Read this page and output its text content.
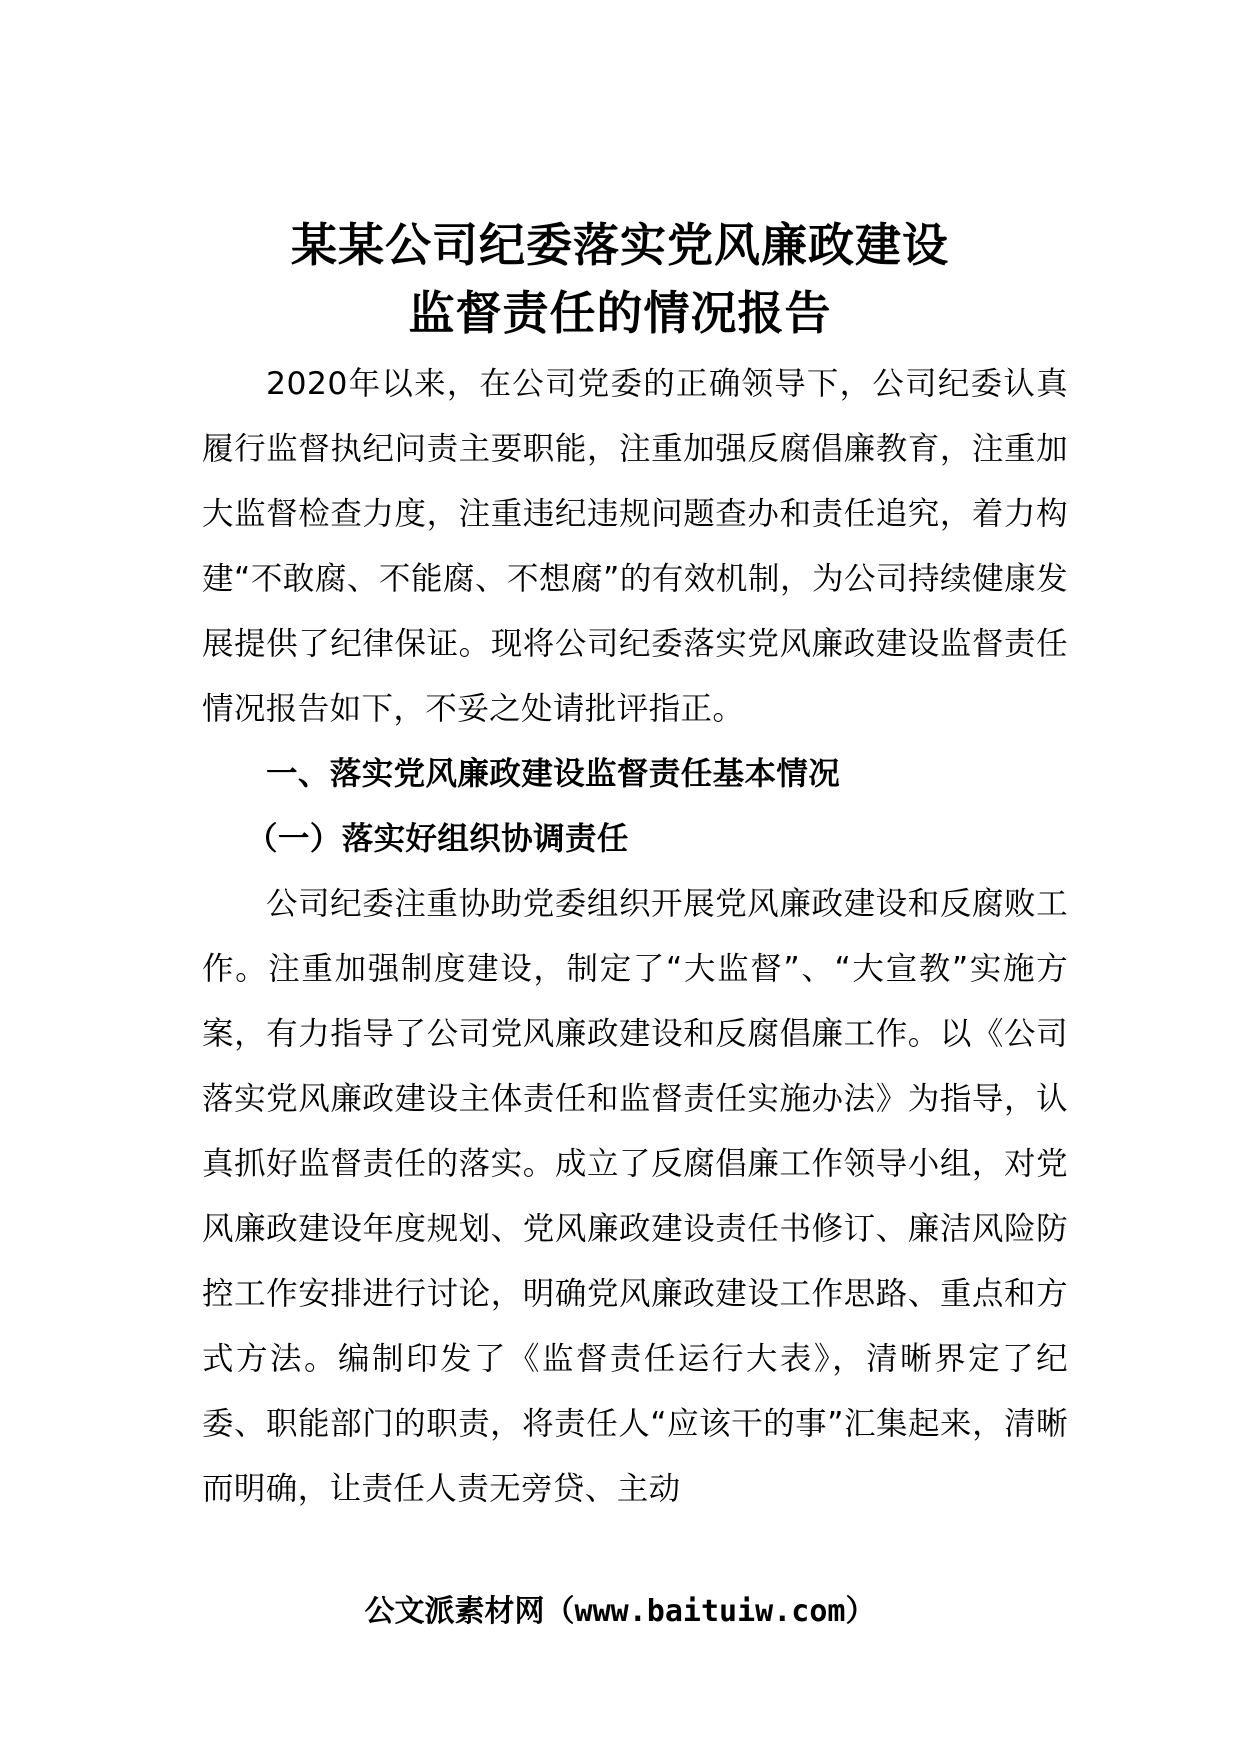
某某公司纪委落实党风廉政建设
监督责任的情况报告

2020年以来，在公司党委的正确领导下，公司纪委认真履行监督执纪问责主要职能，注重加强反腐倡廉教育，注重加大监督检查力度，注重违纪违规问题查办和责任追究，着力构建“不敢腐、不能腐、不想腐”的有效机制，为公司持续健康发展提供了纪律保证。现将公司纪委落实党风廉政建设监督责任情况报告如下，不妥之处请批评指正。

一、落实党风廉政建设监督责任基本情况

（一）落实好组织协调责任

公司纪委注重协助党委组织开展党风廉政建设和反腐败工作。注重加强制度建设，制定了“大监督”、“大宣教”实施方案，有力指导了公司党风廉政建设和反腐倡廉工作。以《公司落实党风廉政建设主体责任和监督责任实施办法》为指导，认真抓好监督责任的落实。成立了反腐倡廉工作领导小组，对党风廉政建设年度规划、党风廉政建设责任书修订、廉洁风险防控工作安排进行讨论，明确党风廉政建设工作思路、重点和方式方法。编制印发了《监督责任运行大表》，清晰界定了纪委、职能部门的职责，将责任人“应该干的事”汇集起来，清晰而明确，让责任人责无旁贷、主动

公文派素材网（www.baituiw.com）
